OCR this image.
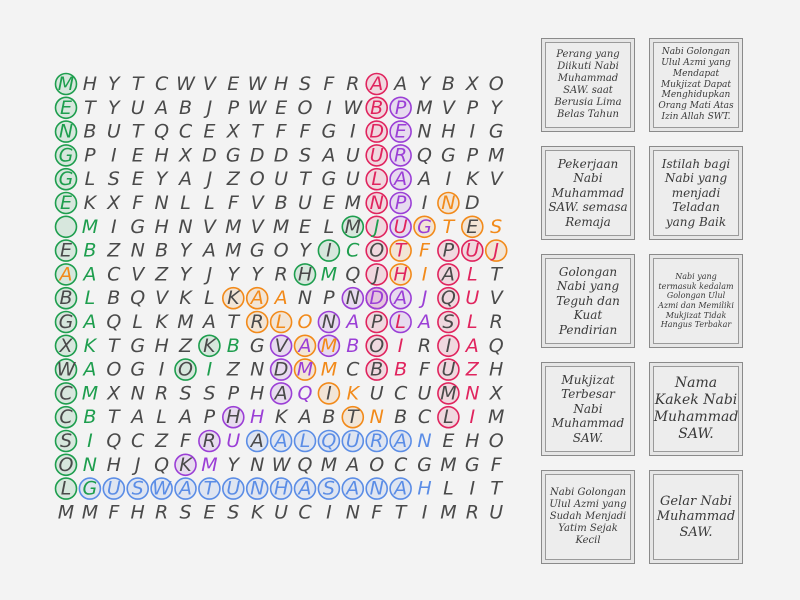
M H Y T C W V E W H S F R A A Y B X O
E T Y U A B J P W E O I W B P M V P Y
N B U T Q C E X T F F G I D E N H I G
G P I E H X D G D D S A U U R Q G P M
G L S E Y A J Z O U T G U L A A I K V
E K X F N L L F V B U E M N P I N D
M I G H N V M V M E L M J U G T E S
E B Z N B Y A M G O Y I C O T F P U J
A A C V Z Y J Y Y R H M Q J H I A L T
B L B Q V K L K A A N P N D A J Q U V
G A Q L K M A T R L O N A P L A S L R
X K T G H Z K B G V A M B O I R I A Q
W A O G I O I Z N D M M C B B F U Z H
C M X N R S S P H A Q I K U C U M N X
C B T A L A P H H K A B T N B C L I M
S I Q C Z F R U A A L Q U R A N E H O
O N H J Q K M Y N W Q M A O C G M G F
L G U S W A T U N H A S A N A H L I T
M M F H R S E S K U C I N F T I M R U
Perang yang Diikuti Nabi Muhammad SAW. saat Berusia Lima Belas Tahun
Nabi Golongan Ulul Azmi yang Mendapat Mukjizat Dapat Menghidupkan Orang Mati Atas Izin Allah SWT.
Pekerjaan Nabi Muhammad SAW. semasa Remaja
Istilah bagi Nabi yang menjadi Teladan yang Baik
Golongan Nabi yang Teguh dan Kuat Pendirian
Nabi yang termasuk kedalam Golongan Ulul Azmi dan Memiliki Mukjizat Tidak Hangus Terbakar
Mukjizat Terbesar Nabi Muhammad SAW.
Nama Kakek Nabi Muhammad SAW.
Nabi Golongan Ulul Azmi yang Sudah Menjadi Yatim Sejak Kecil
Gelar Nabi Muhammad SAW.
